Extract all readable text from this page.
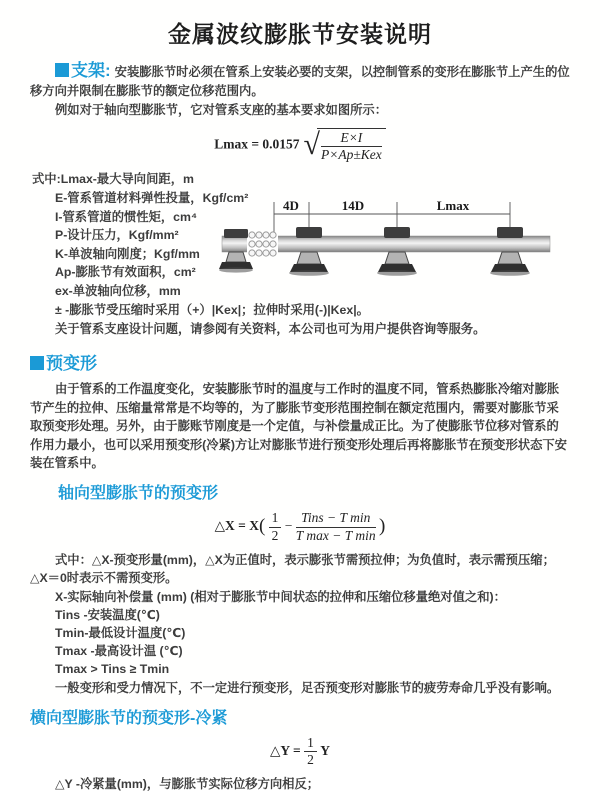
金属波纹膨胀节安装说明

支架: 安装膨胀节时必须在管系上安装必要的支架，以控制管系的变形在膨胀节上产生的位移方向并限制在膨胀节的额定位移范围内。

例如对于轴向型膨胀节，它对管系支座的基本要求如图所示：

Lmax = 0.0157 √ $\frac{E\times I}{\text{P×Ap±Kex}}$
式中:Lmax-最大导向间距，m
E-管系管道材料弹性投量，Kgf/cm²
I-管系管道的惯性矩，cm⁴
P-设计压力，Kgf/mm²
K-单波轴向刚度；Kgf/mm
Ap-膨胀节有效面积，cm²
ex-单波轴向位移，mm
± -膨胀节受压缩时采用（+）|Kex|；拉伸时采用(-)|Kex|。
4D	14D	Lmax

关于管系支座设计问题，请参阅有关资料，本公司也可为用户提供咨询等服务。

预变形

由于管系的工作温度变化，安装膨胀节时的温度与工作时的温度不同，管系热膨胀冷缩对膨胀节产生的拉伸、压缩量常常是不均等的，为了膨胀节变形范围控制在额定范围内，需要对膨胀节采取预变形处理。另外，由于膨账节刚度是一个定值，与补偿量成正比。为了使膨胀节位移对管系的作用力最小，也可以采用预变形(冷紧)方让对膨胀节进行预变形处理后再将膨胀节在预变形状态下安装在管系中。

轴向型膨胀节的预变形
△X = $X( \frac{1}{2} - \frac{\text{Tins − T min}}{\text{T max − T min}}$ )

式中：△X-预变形量(mm)，△X为正值时，表示膨张节需预拉伸；为负值时，表示需预压缩；△X＝0时表示不需预变形。

X-实际轴向补偿量 (mm) (相对于膨胀节中间状态的拉伸和压缩位移量绝对值之和)：
Tins -安装温度(℃)
Tmin-最低设计温度(℃)
Tmax -最高设计温 (℃)
Tmax > Tins ≥ Tmin

一般变形和受力情况下，不一定进行预变形，足否预变形对膨胀节的疲劳寿命几乎没有影响。

横向型膨胀节的预变形-冷紧
△Y = $\frac{1}{2}$ Y

△Y -冷紧量(mm)，与膨胀节实际位移方向相反；
